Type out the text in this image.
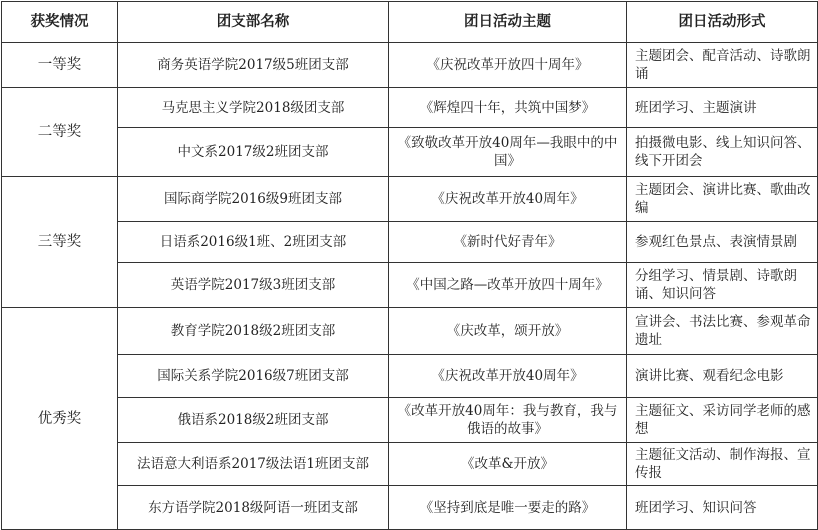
获奖情况	团支部名称	团日活动主题	团日活动形式
一等奖	商务英语学院2017级5班团支部	《庆祝改革开放四十周年》	主题团会、配音活动、诗歌朗诵
二等奖	马克思主义学院2018级团支部	《辉煌四十年，共筑中国梦》	班团学习、主题演讲
	中文系2017级2班团支部	《致敬改革开放40周年—我眼中的中国》	拍摄微电影、线上知识问答、线下开团会
三等奖	国际商学院2016级9班团支部	《庆祝改革开放40周年》	主题团会、演讲比赛、歌曲改编
	日语系2016级1班、2班团支部	《新时代好青年》	参观红色景点、表演情景剧
	英语学院2017级3班团支部	《中国之路—改革开放四十周年》	分组学习、情景剧、诗歌朗诵、知识问答
优秀奖	教育学院2018级2班团支部	《庆改革，颂开放》	宣讲会、书法比赛、参观革命遗址
	国际关系学院2016级7班团支部	《庆祝改革开放40周年》	演讲比赛、观看纪念电影
	俄语系2018级2班团支部	《改革开放40周年：我与教育，我与俄语的故事》	主题征文、采访同学老师的感想
	法语意大利语系2017级法语1班团支部	《改革&开放》	主题征文活动、制作海报、宣传报
	东方语学院2018级阿语一班团支部	《坚持到底是唯一要走的路》	班团学习、知识问答
